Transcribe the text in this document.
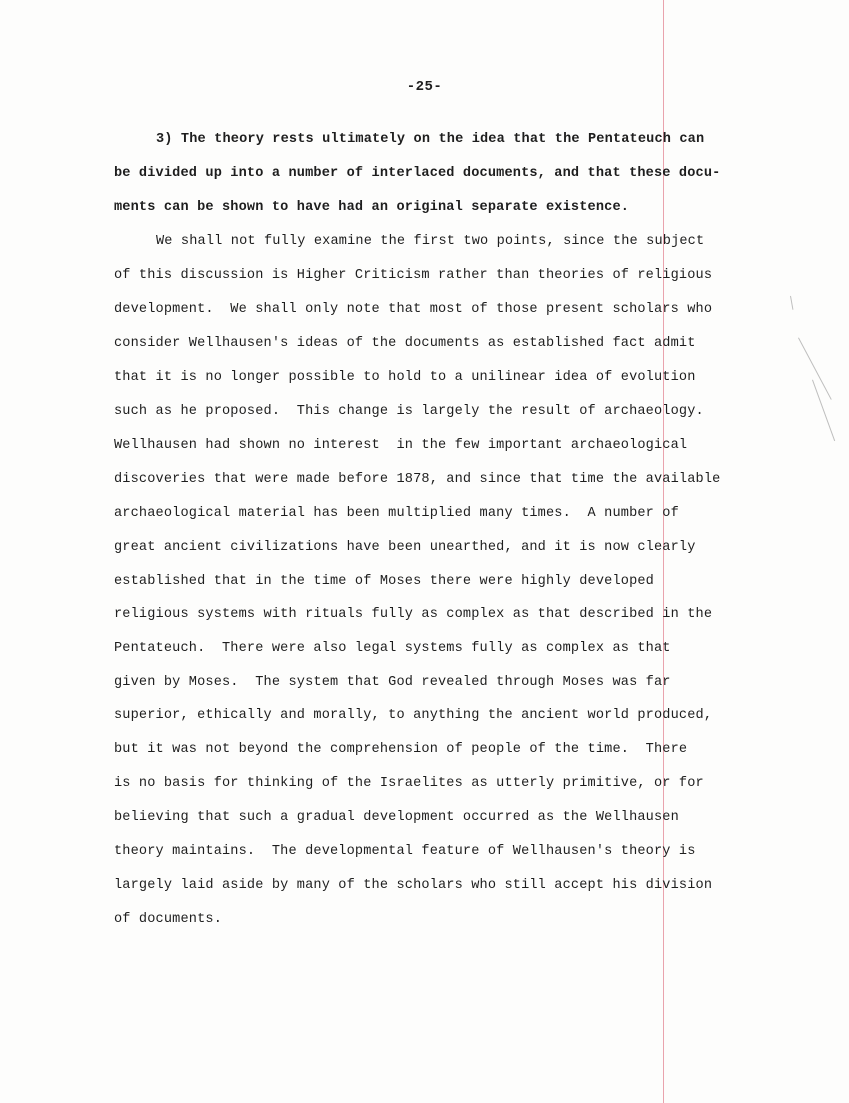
-25-
3) The theory rests ultimately on the idea that the Pentateuch can
be divided up into a number of interlaced documents, and that these docu-
ments can be shown to have had an original separate existence.
We shall not fully examine the first two points, since the subject
of this discussion is Higher Criticism rather than theories of religious
development.  We shall only note that most of those present scholars who
consider Wellhausen's ideas of the documents as established fact admit
that it is no longer possible to hold to a unilinear idea of evolution
such as he proposed.  This change is largely the result of archaeology.
Wellhausen had shown no interest  in the few important archaeological
discoveries that were made before 1878, and since that time the available
archaeological material has been multiplied many times.  A number of
great ancient civilizations have been unearthed, and it is now clearly
established that in the time of Moses there were highly developed
religious systems with rituals fully as complex as that described in the
Pentateuch.  There were also legal systems fully as complex as that
given by Moses.  The system that God revealed through Moses was far
superior, ethically and morally, to anything the ancient world produced,
but it was not beyond the comprehension of people of the time.  There
is no basis for thinking of the Israelites as utterly primitive, or for
believing that such a gradual development occurred as the Wellhausen
theory maintains.  The developmental feature of Wellhausen's theory is
largely laid aside by many of the scholars who still accept his division
of documents.
